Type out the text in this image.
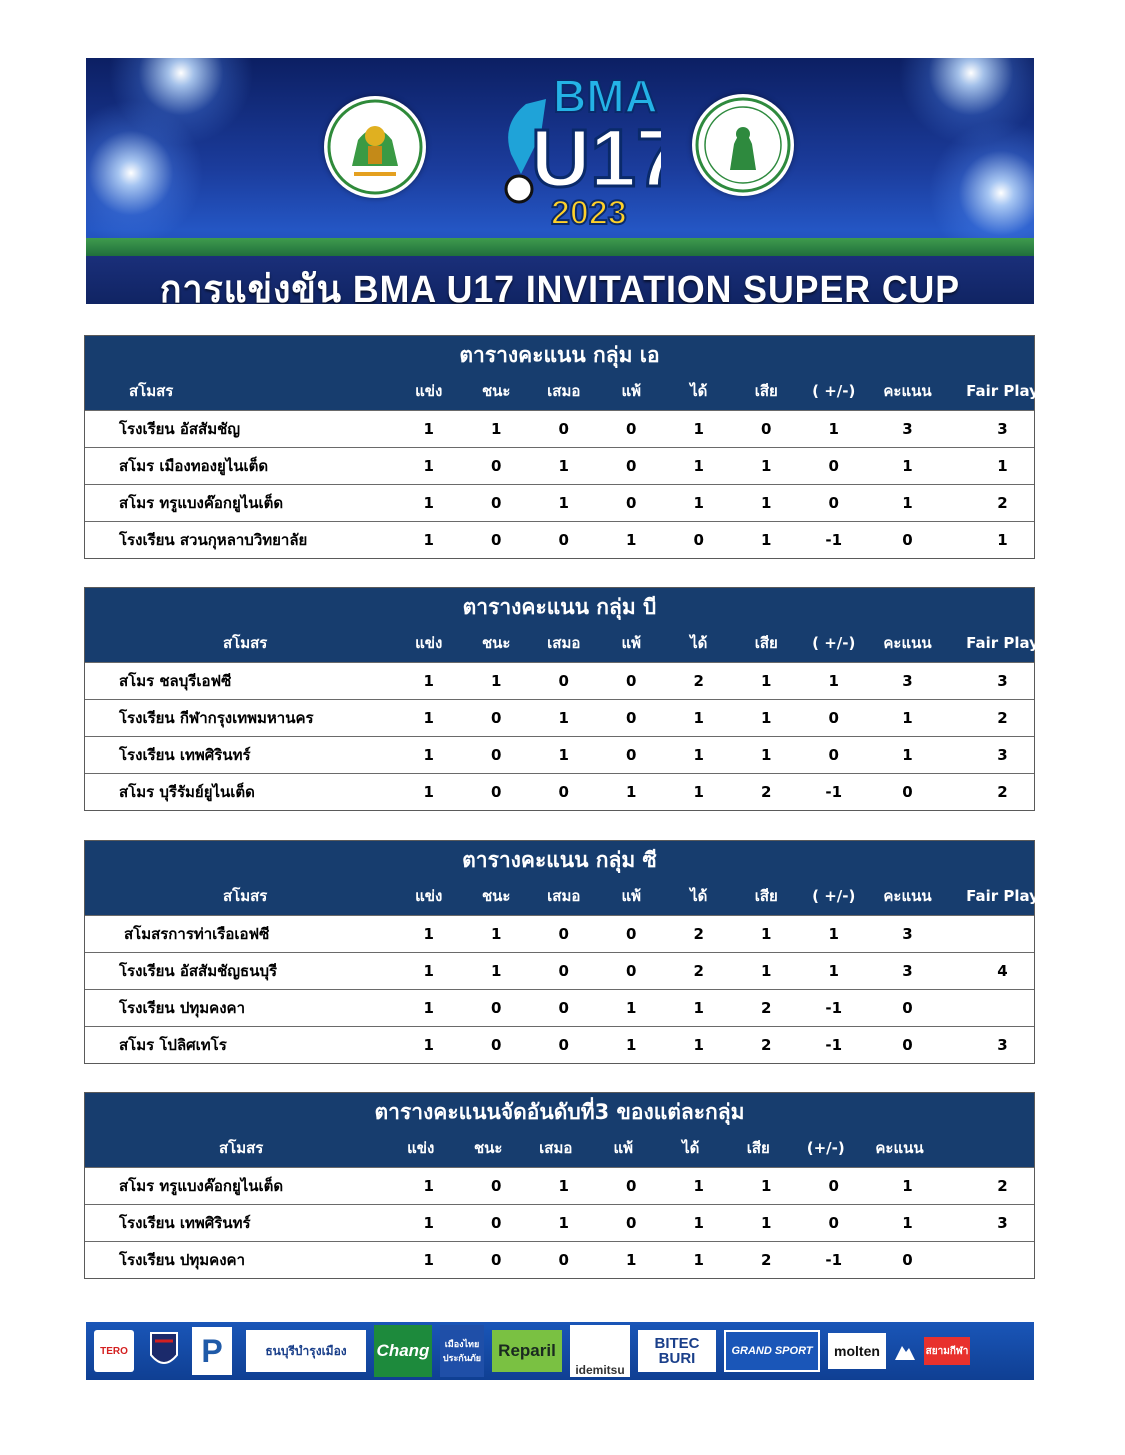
BMA
U17
2023
การแข่งขัน BMA U17 INVITATION SUPER CUP
ตารางคะแนน กลุ่ม เอ
สโมสร	แข่ง	ชนะ	เสมอ	แพ้	ได้	เสีย	( +/-)	คะแนน	Fair Play
โรงเรียน อัสสัมชัญ	1	1	0	0	1	0	1	3	3
สโมร เมืองทองยูไนเต็ด	1	0	1	0	1	1	0	1	1
สโมร ทรูแบงค๊อกยูไนเต็ด	1	0	1	0	1	1	0	1	2
โรงเรียน สวนกุหลาบวิทยาลัย	1	0	0	1	0	1	-1	0	1
ตารางคะแนน กลุ่ม บี
สโมสร	แข่ง	ชนะ	เสมอ	แพ้	ได้	เสีย	( +/-)	คะแนน	Fair Play
สโมร ชลบุรีเอฟซี	1	1	0	0	2	1	1	3	3
โรงเรียน กีฬากรุงเทพมหานคร	1	0	1	0	1	1	0	1	2
โรงเรียน เทพศิรินทร์	1	0	1	0	1	1	0	1	3
สโมร บุรีรัมย์ยูไนเต็ด	1	0	0	1	1	2	-1	0	2
ตารางคะแนน กลุ่ม ซี
สโมสร	แข่ง	ชนะ	เสมอ	แพ้	ได้	เสีย	( +/-)	คะแนน	Fair Play
สโมสรการท่าเรือเอฟซี	1	1	0	0	2	1	1	3
โรงเรียน อัสสัมชัญธนบุรี	1	1	0	0	2	1	1	3	4
โรงเรียน ปทุมคงคา	1	0	0	1	1	2	-1	0
สโมร โปลิศเทโร	1	0	0	1	1	2	-1	0	3
ตารางคะแนนจัดอันดับที่3 ของแต่ละกลุ่ม
สโมสร	แข่ง	ชนะ	เสมอ	แพ้	ได้	เสีย	(+/-)	คะแนน
สโมร ทรูแบงค๊อกยูไนเต็ด	1	0	1	0	1	1	0	1	2
โรงเรียน เทพศิรินทร์	1	0	1	0	1	1	0	1	3
โรงเรียน ปทุมคงคา	1	0	0	1	1	2	-1	0
TERO P	ธนบุรีบำรุงเมือง	Chang	เมืองไทยประกันภัย	Reparil
idemitsu
BITEC BURI	GRAND SPORT	molten	สยามกีฬา
